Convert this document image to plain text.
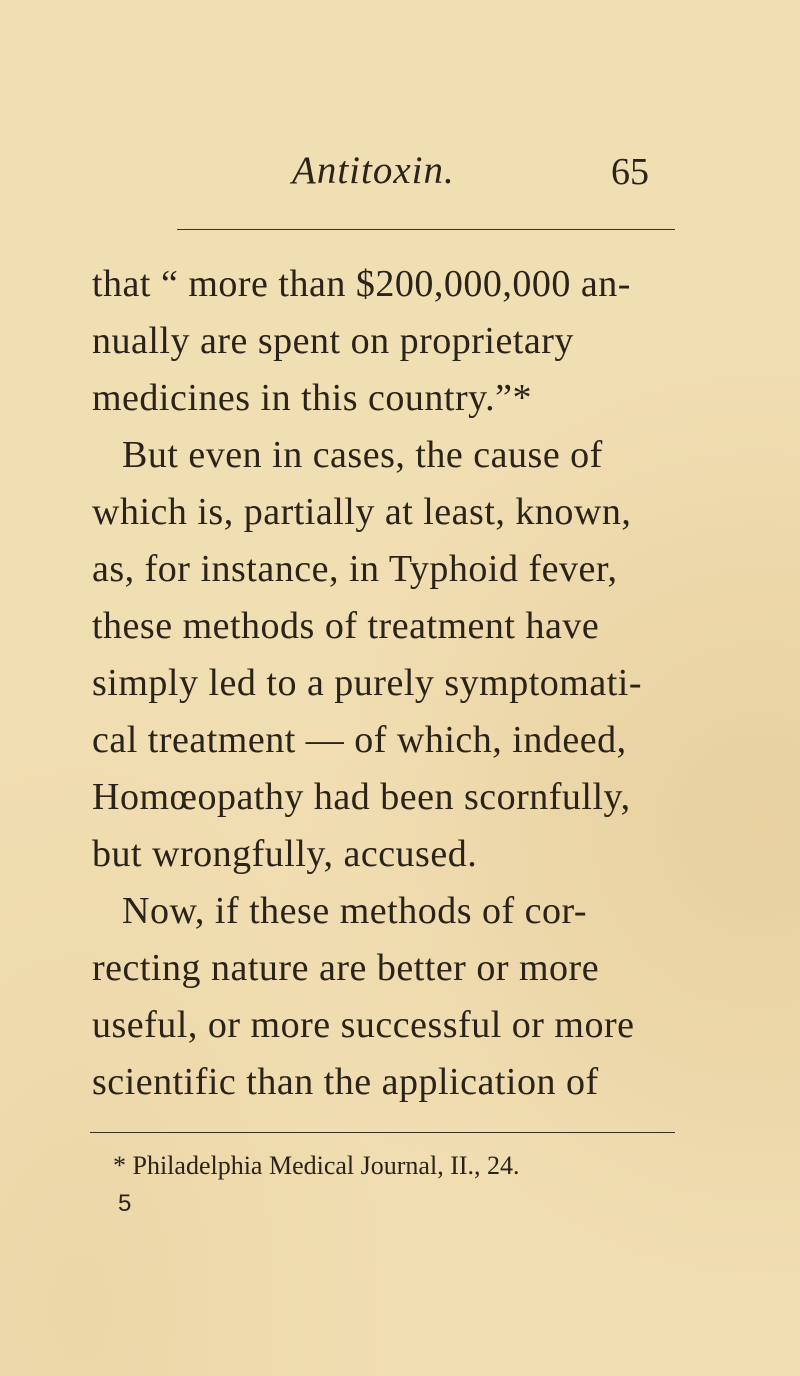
Antitoxin.	65
that “ more than $200,000,000 an-
nually are spent on proprietary
medicines in this country.”*
But even in cases, the cause of
which is, partially at least, known,
as, for instance, in Typhoid fever,
these methods of treatment have
simply led to a purely symptomati-
cal treatment — of which, indeed,
Homœopathy had been scornfully,
but wrongfully, accused.
Now, if these methods of cor-
recting nature are better or more
useful, or more successful or more
scientific than the application of
* Philadelphia Medical Journal, II., 24.
5
